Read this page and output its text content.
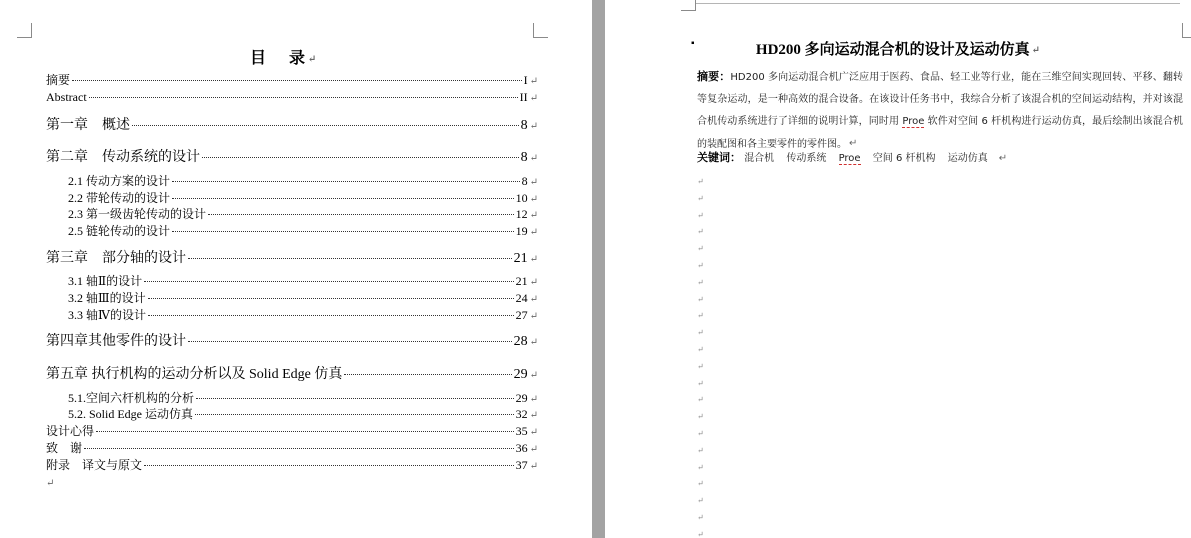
目 录 ↵
摘要	I ↵
Abstract	II ↵
第一章　概述	8 ↵
第二章　传动系统的设计	8 ↵
2.1 传动方案的设计	8 ↵
2.2 带轮传动的设计	10 ↵
2.3 第一级齿轮传动的设计	12 ↵
2.5 链轮传动的设计	19 ↵
第三章　部分轴的设计	21 ↵
3.1 轴Ⅱ的设计	21 ↵
3.2 轴Ⅲ的设计	24 ↵
3.3 轴Ⅳ的设计	27 ↵
第四章其他零件的设计	28 ↵
第五章 执行机构的运动分析以及 Solid Edge 仿真	29 ↵
5.1.空间六杆机构的分析	29 ↵
5.2. Solid Edge 运动仿真	32 ↵
设计心得	35 ↵
致　谢	36 ↵
附录　译文与原文	37 ↵
↵
▪	HD200 多向运动混合机的设计及运动仿真 ↵
摘要：HD200 多向运动混合机广泛应用于医药、食品、轻工业等行业，能在三维空间实现回转、平移、翻转等复杂运动，是一种高效的混合设备。在该设计任务书中，我综合分析了该混合机的空间运动结构，并对该混合机传动系统进行了详细的说明计算，同时用 Proe 软件对空间 6 杆机构进行运动仿真，最后绘制出该混合机的装配图和各主要零件的零件图。 ↵
关键词： 混合机 传动系统 Proe 空间 6 杆机构 运动仿真 ↵
↵
↵
↵
↵
↵
↵
↵
↵
↵
↵
↵
↵
↵
↵
↵
↵
↵
↵
↵
↵
↵
↵
